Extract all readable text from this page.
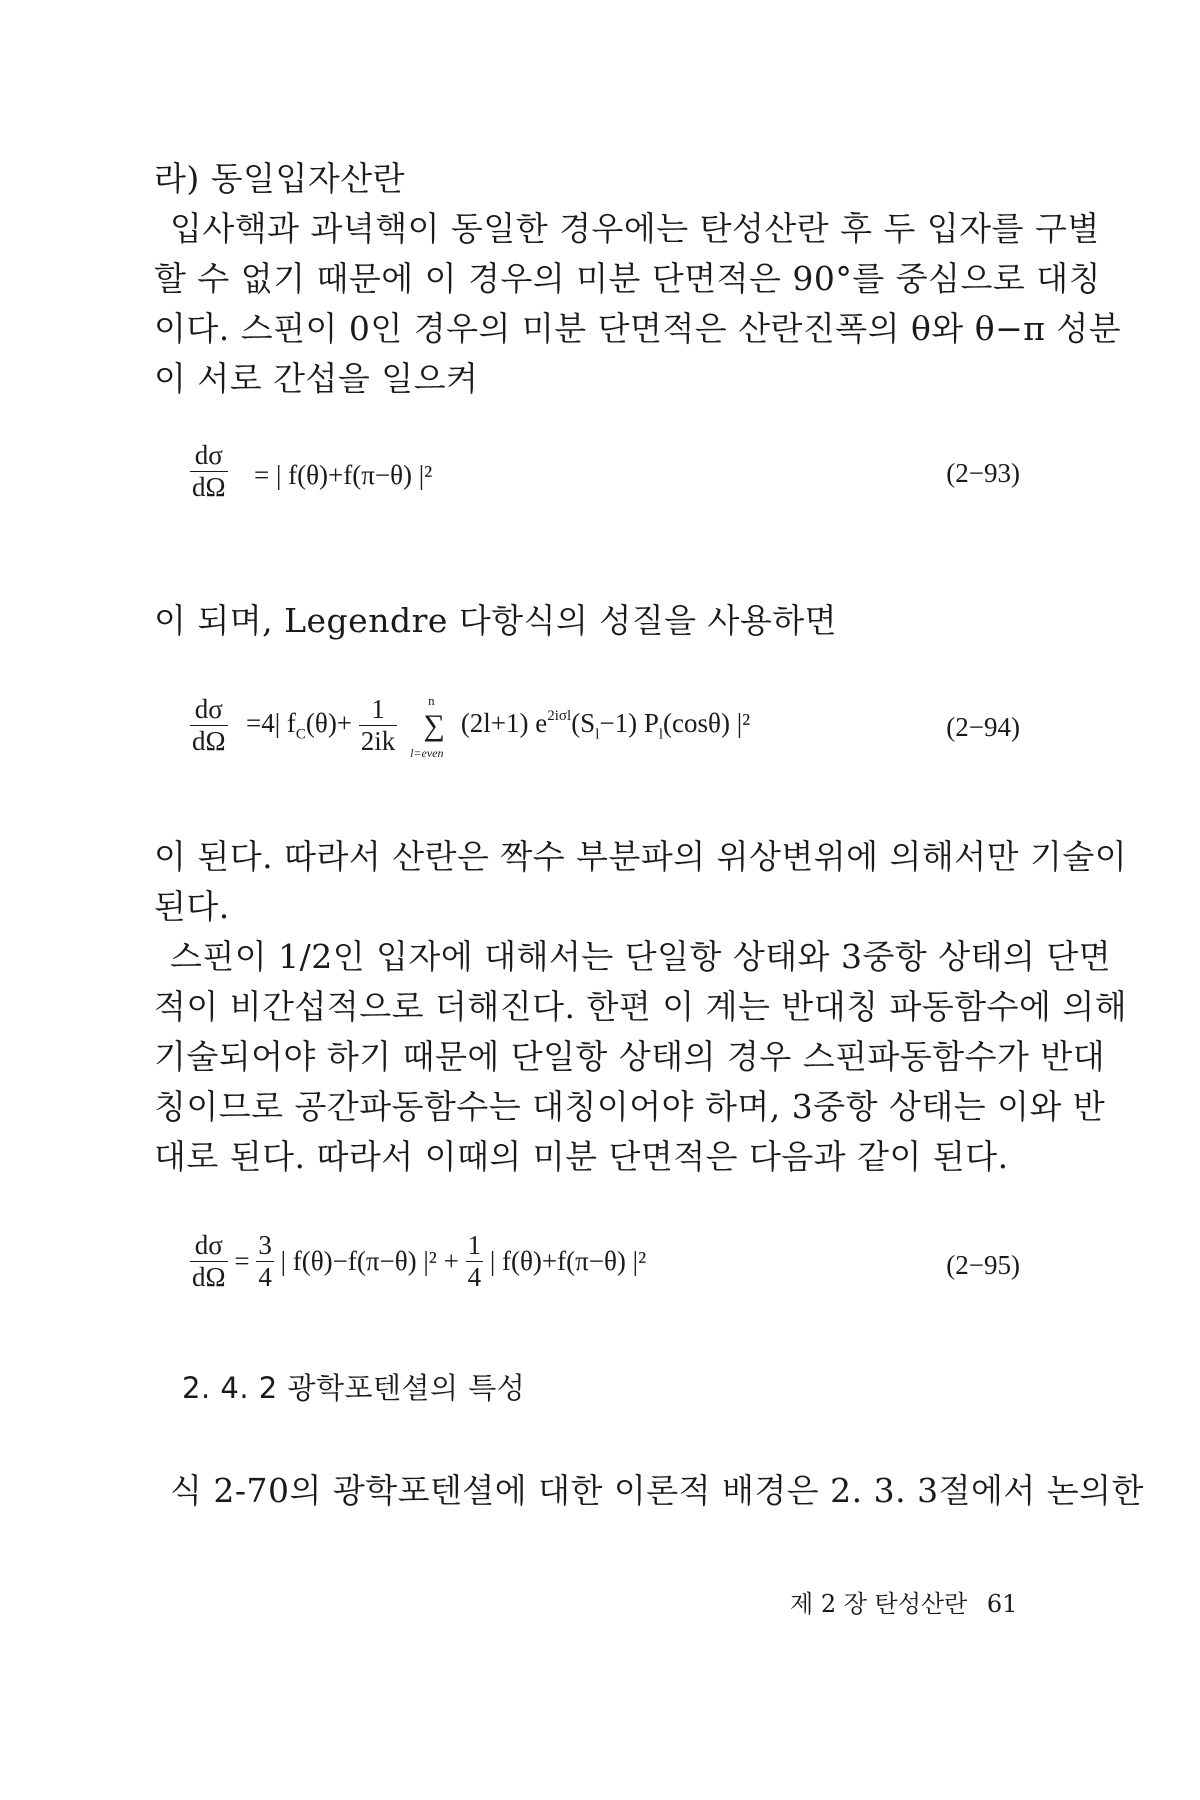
라) 동일입자산란
입사핵과 과녁핵이 동일한 경우에는 탄성산란 후 두 입자를 구별
할 수 없기 때문에 이 경우의 미분 단면적은 90°를 중심으로 대칭
이다. 스핀이 0인 경우의 미분 단면적은 산란진폭의 θ와 θ−π 성분
이 서로 간섭을 일으켜
$\frac{d\sigma}{d\Omega}$ = | f(θ)+f(π−θ) |²	(2−93)
이 되며, Legendre 다항식의 성질을 사용하면
$\frac{d\sigma}{d\Omega} =4|$ $f_C(\theta)+ \frac{1}{2ik}$
n
∑
l=even
(2l+1) $e^{2i\sigma l}(S_l-1)$ $P_l(\cos\theta)$ |²	(2−94)
이 된다. 따라서 산란은 짝수 부분파의 위상변위에 의해서만 기술이
된다.
스핀이 1/2인 입자에 대해서는 단일항 상태와 3중항 상태의 단면
적이 비간섭적으로 더해진다. 한편 이 계는 반대칭 파동함수에 의해
기술되어야 하기 때문에 단일항 상태의 경우 스핀파동함수가 반대
칭이므로 공간파동함수는 대칭이어야 하며, 3중항 상태는 이와 반
대로 된다. 따라서 이때의 미분 단면적은 다음과 같이 된다.
$\frac{d\sigma}{d\Omega} = \frac{3}{4}$ | f(θ)−f(π−θ) $|^2 + \frac{1}{4}$ | f(θ)+f(π−θ) |²	(2−95)
2. 4. 2 광학포텐셜의 특성
식 2-70의 광학포텐셜에 대한 이론적 배경은 2. 3. 3절에서 논의한
제 2 장 탄성산란 61
